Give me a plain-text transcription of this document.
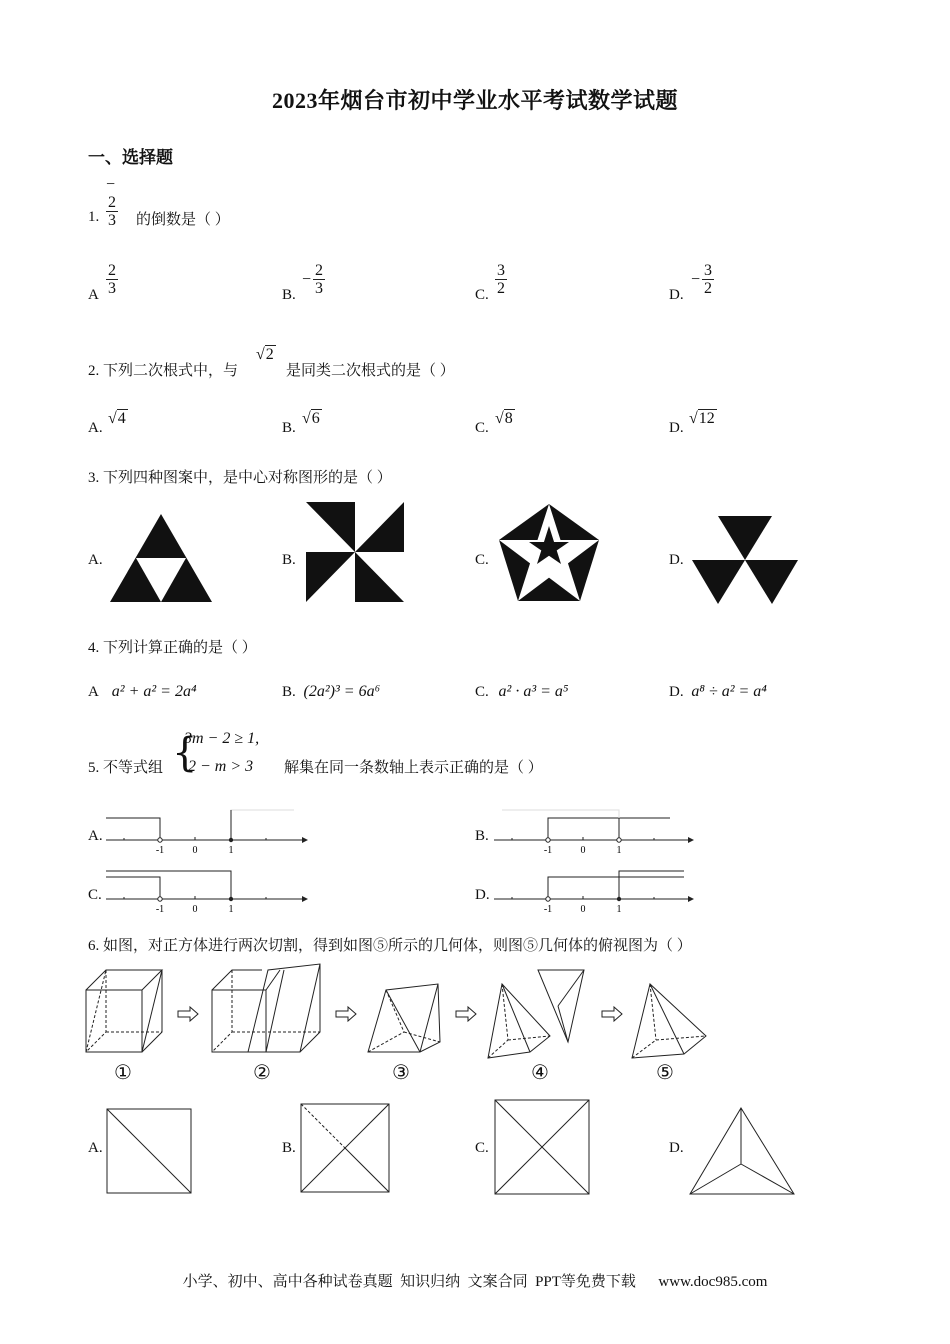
2023年烟台市初中学业水平考试数学试题
一、选择题
1.
−
$\frac{2}{3}$ 的倒数是（ ）
A $\frac{2}{3}$	B.
− $\frac{2}{3}$	C. $\frac{3}{2}$	D.
− $\frac{3}{2}$
2. 下列二次根式中，与
√2
是同类二次根式的是（ ）
A.
√4
B.
√6
C.
√8
D.
√12
3. 下列四种图案中，是中心对称图形的是（ ）
A.	B.	C.	D.
4. 下列计算正确的是（ ）
A a² + a² = 2a⁴	B. (2a²)³ = 6a⁶	C. a² · a³ = a⁵	D. a⁸ ÷ a² = a⁴
5. 不等式组 {
3m − 2 ≥ 1,
2 − m > 3 解集在同一条数轴上表示正确的是（ ）
A.
-1	0	1
B.
-1	0	1
C.
-1	0	1
D.
-1	0	1
6. 如图，对正方体进行两次切割，得到如图⑤所示的几何体，则图⑤几何体的俯视图为（ ）
①	②	③	④	⑤
A.	B.	C.	D.
小学、初中、高中各种试卷真题  知识归纳  文案合同  PPT等免费下载      www.doc985.com
